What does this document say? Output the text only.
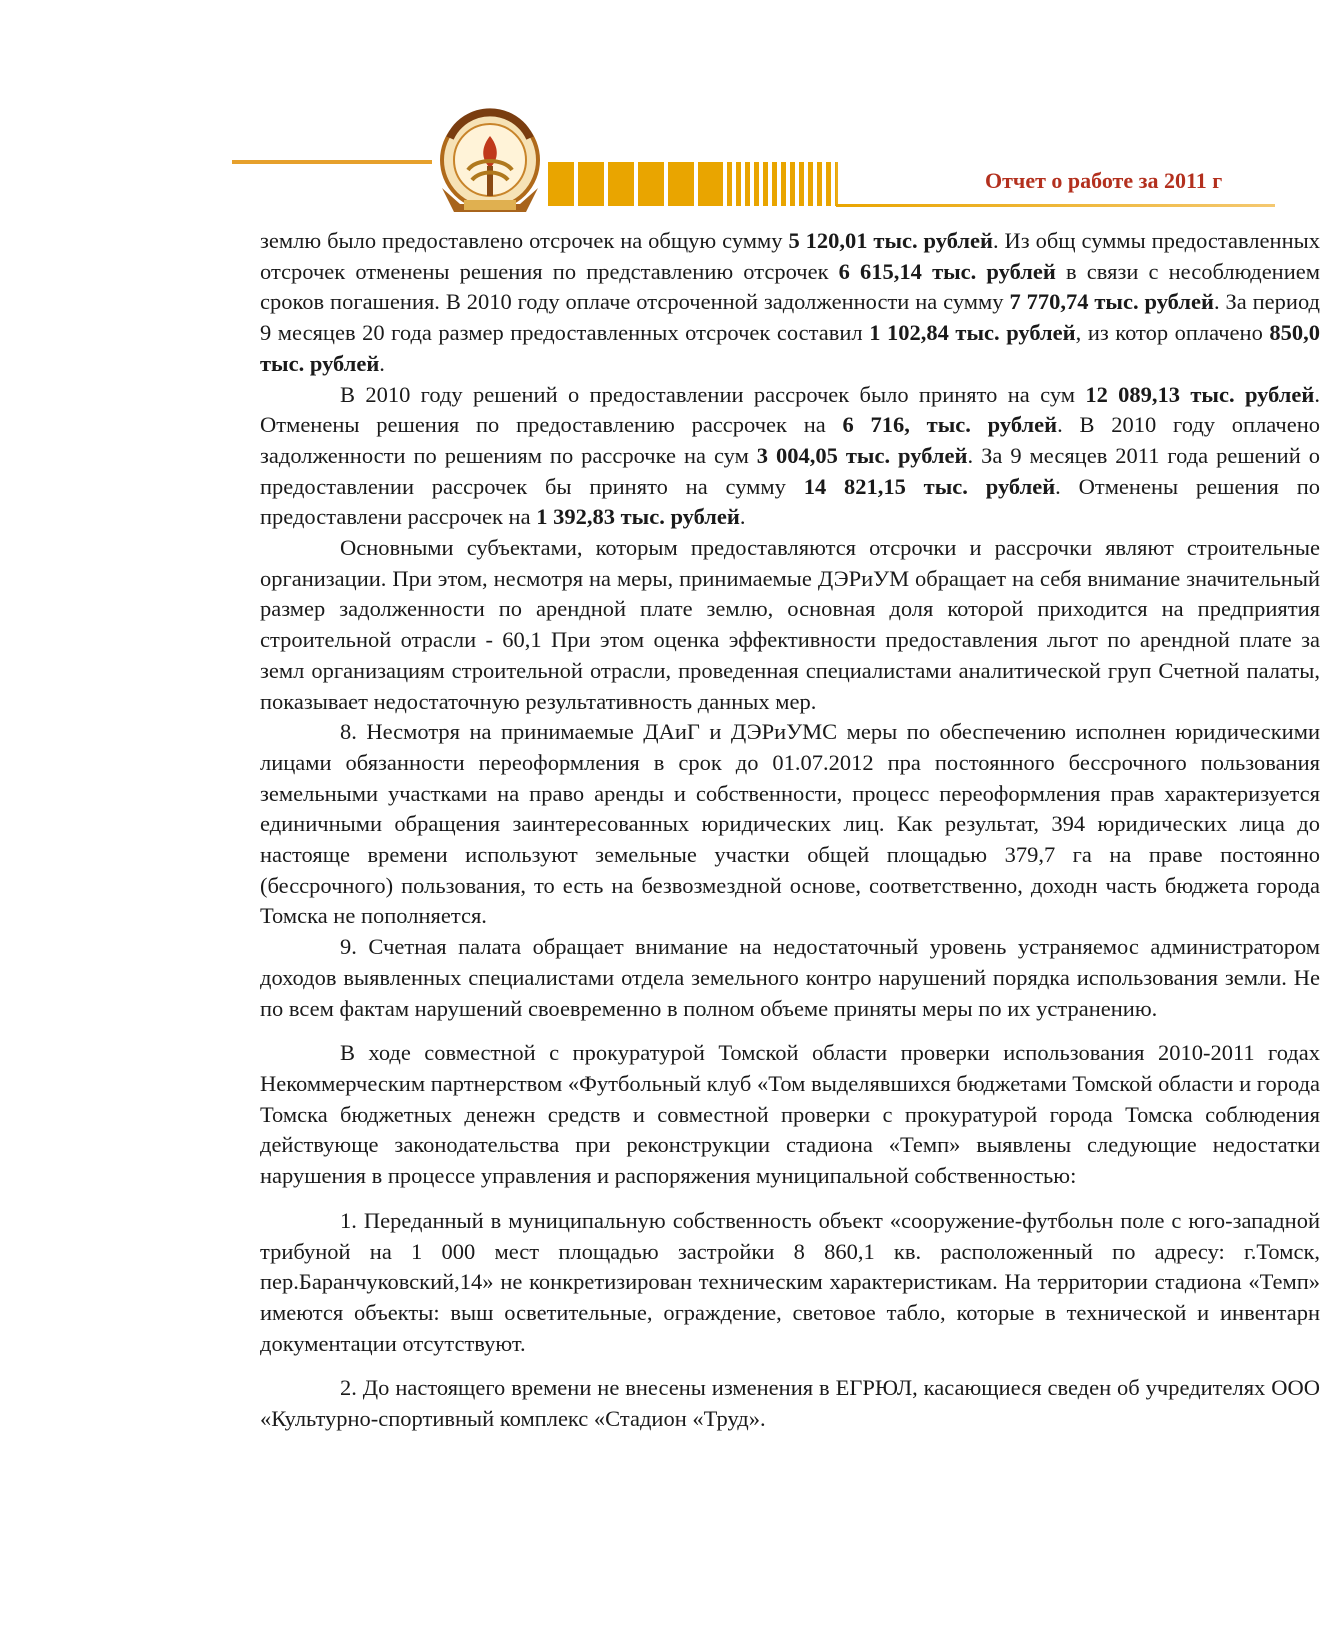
Отчет о работе за 2011 г

землю было предоставлено отсрочек на общую сумму 5 120,01 тыс. рублей. Из общ суммы предоставленных отсрочек отменены решения по представлению отсрочек 6 615,14 тыс. рублей в связи с несоблюдением сроков погашения. В 2010 году оплаче отсроченной задолженности на сумму 7 770,74 тыс. рублей. За период 9 месяцев 20 года размер предоставленных отсрочек составил 1 102,84 тыс. рублей, из котор оплачено 850,0 тыс. рублей.

В 2010 году решений о предоставлении рассрочек было принято на сум 12 089,13 тыс. рублей. Отменены решения по предоставлению рассрочек на 6 716, тыс. рублей. В 2010 году оплачено задолженности по решениям по рассрочке на сум 3 004,05 тыс. рублей. За 9 месяцев 2011 года решений о предоставлении рассрочек бы принято на сумму 14 821,15 тыс. рублей. Отменены решения по предоставлени рассрочек на 1 392,83 тыс. рублей.

Основными субъектами, которым предоставляются отсрочки и рассрочки являют строительные организации. При этом, несмотря на меры, принимаемые ДЭРиУМ обращает на себя внимание значительный размер задолженности по арендной плате землю, основная доля которой приходится на предприятия строительной отрасли - 60,1 При этом оценка эффективности предоставления льгот по арендной плате за земл организациям строительной отрасли, проведенная специалистами аналитической груп Счетной палаты, показывает недостаточную результативность данных мер.

8. Несмотря на принимаемые ДАиГ и ДЭРиУМС меры по обеспечению исполнен юридическими лицами обязанности переоформления в срок до 01.07.2012 пра постоянного бессрочного пользования земельными участками на право аренды и собственности, процесс переоформления прав характеризуется единичными обращения заинтересованных юридических лиц. Как результат, 394 юридических лица до настояще времени используют земельные участки общей площадью 379,7 га на праве постоянно (бессрочного) пользования, то есть на безвозмездной основе, соответственно, доходн часть бюджета города Томска не пополняется.

9. Счетная палата обращает внимание на недостаточный уровень устраняемос администратором доходов выявленных специалистами отдела земельного контро нарушений порядка использования земли. Не по всем фактам нарушений своевременно в полном объеме приняты меры по их устранению.

В ходе совместной с прокуратурой Томской области проверки использования 2010-2011 годах Некоммерческим партнерством «Футбольный клуб «Том выделявшихся бюджетами Томской области и города Томска бюджетных денежн средств и совместной проверки с прокуратурой города Томска соблюдения действующе законодательства при реконструкции стадиона «Темп» выявлены следующие недостатки нарушения в процессе управления и распоряжения муниципальной собственностью:

1. Переданный в муниципальную собственность объект «сооружение-футбольн поле с юго-западной трибуной на 1 000 мест площадью застройки 8 860,1 кв. расположенный по адресу: г.Томск, пер.Баранчуковский,14» не конкретизирован техническим характеристикам. На территории стадиона «Темп» имеются объекты: выш осветительные, ограждение, световое табло, которые в технической и инвентарн документации отсутствуют.

2. До настоящего времени не внесены изменения в ЕГРЮЛ, касающиеся сведен об учредителях ООО «Культурно-спортивный комплекс «Стадион «Труд».
